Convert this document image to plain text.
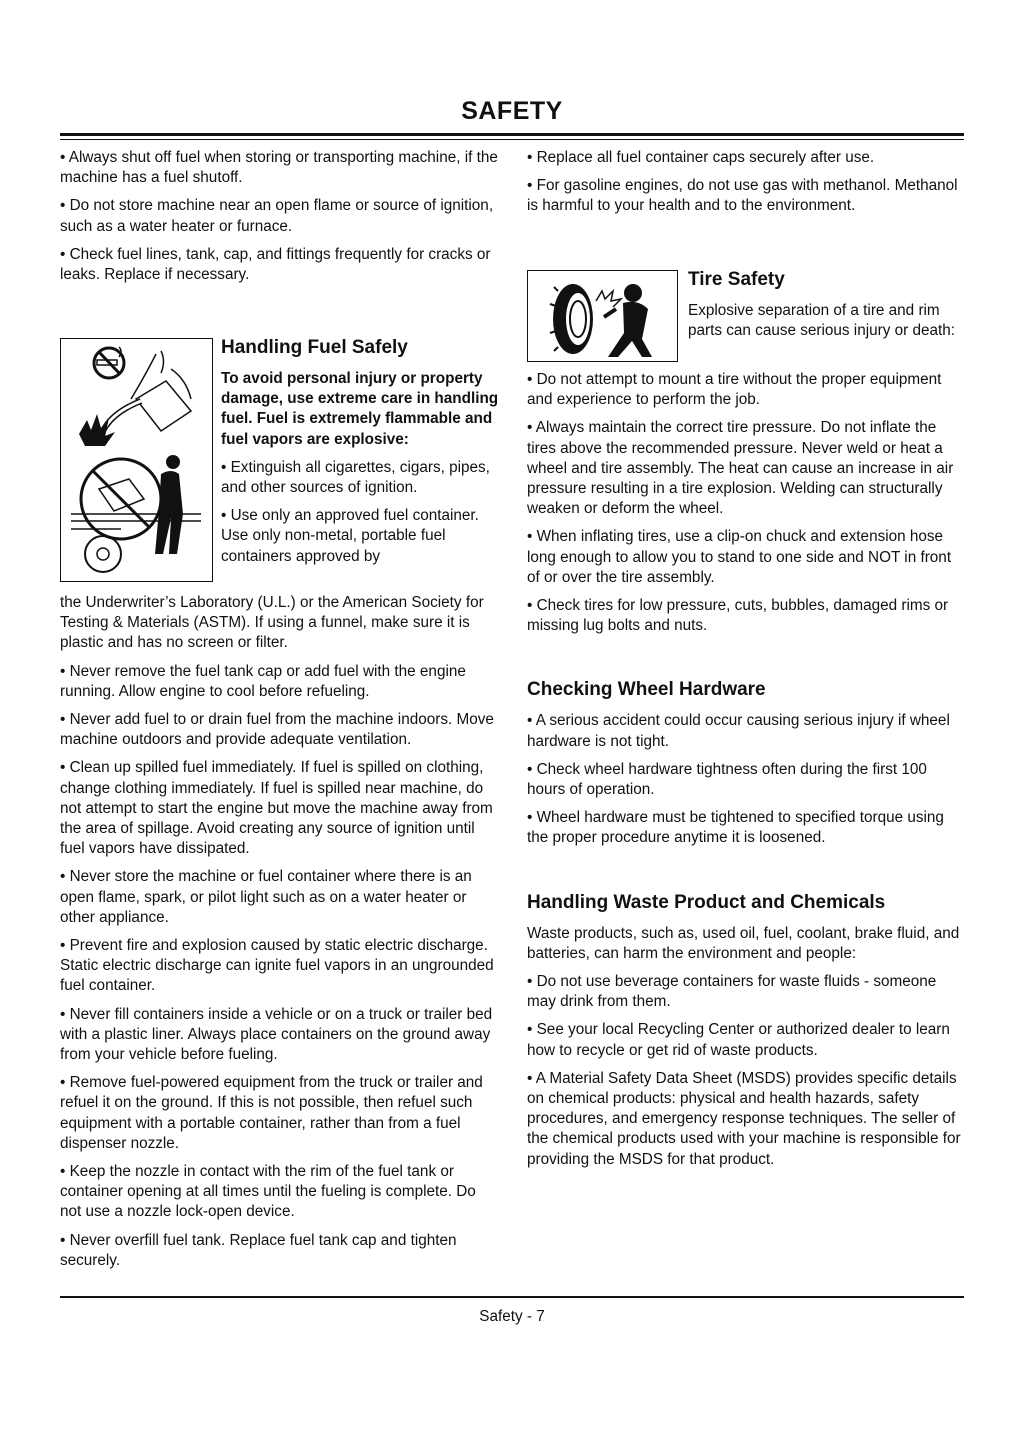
SAFETY

• Always shut off fuel when storing or transporting machine, if the machine has a fuel shutoff.

• Do not store machine near an open flame or source of ignition, such as a water heater or furnace.

• Check fuel lines, tank, cap, and fittings frequently for cracks or leaks. Replace if necessary.

Handling Fuel Safely

To avoid personal injury or property damage, use extreme care in handling fuel. Fuel is extremely flammable and fuel vapors are explosive:

• Extinguish all cigarettes, cigars, pipes, and other sources of ignition.

• Use only an approved fuel container. Use only non-metal, portable fuel containers approved by

the Underwriter’s Laboratory (U.L.) or the American Society for Testing & Materials (ASTM). If using a funnel, make sure it is plastic and has no screen or filter.

• Never remove the fuel tank cap or add fuel with the engine running. Allow engine to cool before refueling.

• Never add fuel to or drain fuel from the machine indoors. Move machine outdoors and provide adequate ventilation.

• Clean up spilled fuel immediately. If fuel is spilled on clothing, change clothing immediately. If fuel is spilled near machine, do not attempt to start the engine but move the machine away from the area of spillage. Avoid creating any source of ignition until fuel vapors have dissipated.

• Never store the machine or fuel container where there is an open flame, spark, or pilot light such as on a water heater or other appliance.

• Prevent fire and explosion caused by static electric discharge. Static electric discharge can ignite fuel vapors in an ungrounded fuel container.

• Never fill containers inside a vehicle or on a truck or trailer bed with a plastic liner. Always place containers on the ground away from your vehicle before fueling.

• Remove fuel-powered equipment from the truck or trailer and refuel it on the ground. If this is not possible, then refuel such equipment with a portable container, rather than from a fuel dispenser nozzle.

• Keep the nozzle in contact with the rim of the fuel tank or container opening at all times until the fueling is complete. Do not use a nozzle lock-open device.

• Never overfill fuel tank. Replace fuel tank cap and tighten securely.

• Replace all fuel container caps securely after use.

• For gasoline engines, do not use gas with methanol. Methanol is harmful to your health and to the environment.

Tire Safety

Explosive separation of a tire and rim parts can cause serious injury or death:

• Do not attempt to mount a tire without the proper equipment and experience to perform the job.

• Always maintain the correct tire pressure. Do not inflate the tires above the recommended pressure. Never weld or heat a wheel and tire assembly. The heat can cause an increase in air pressure resulting in a tire explosion. Welding can structurally weaken or deform the wheel.

• When inflating tires, use a clip-on chuck and extension hose long enough to allow you to stand to one side and NOT in front of or over the tire assembly.

• Check tires for low pressure, cuts, bubbles, damaged rims or missing lug bolts and nuts.

Checking Wheel Hardware

• A serious accident could occur causing serious injury if wheel hardware is not tight.

• Check wheel hardware tightness often during the first 100 hours of operation.

• Wheel hardware must be tightened to specified torque using the proper procedure anytime it is loosened.

Handling Waste Product and Chemicals

Waste products, such as, used oil, fuel, coolant, brake fluid, and batteries, can harm the environment and people:

• Do not use beverage containers for waste fluids - someone may drink from them.

• See your local Recycling Center or authorized dealer to learn how to recycle or get rid of waste products.

• A Material Safety Data Sheet (MSDS) provides specific details on chemical products: physical and health hazards, safety procedures, and emergency response techniques. The seller of the chemical products used with your machine is responsible for providing the MSDS for that product.

Safety - 7
